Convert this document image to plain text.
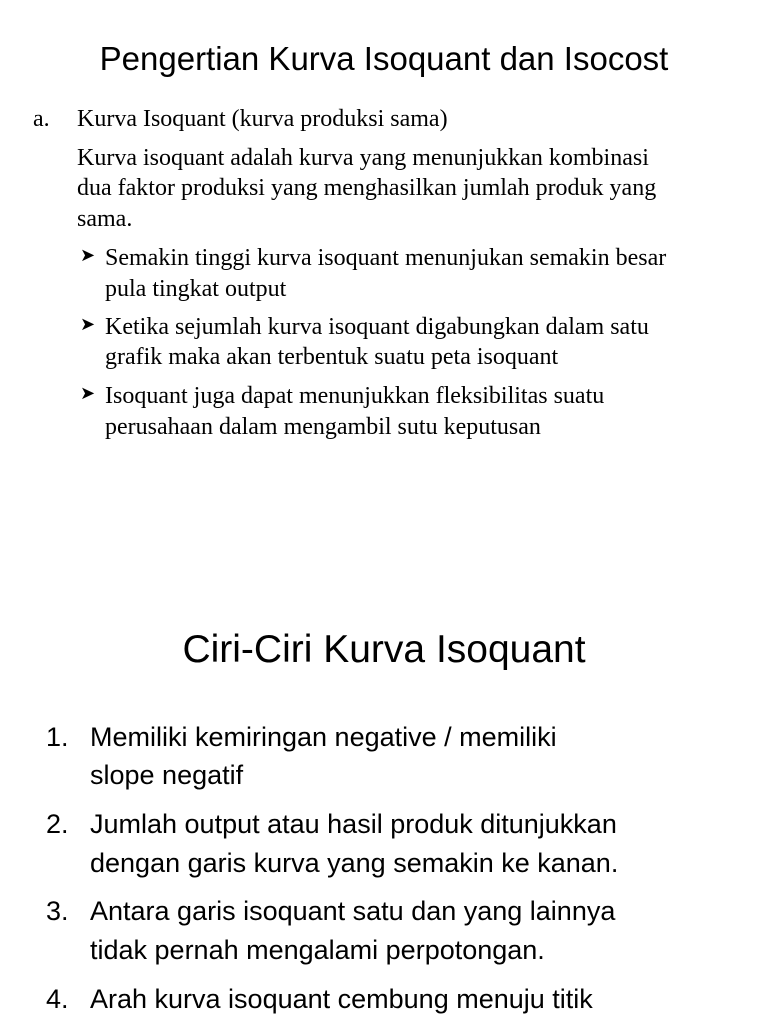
Pengertian Kurva Isoquant dan Isocost
a. Kurva Isoquant (kurva produksi sama)
Kurva isoquant adalah kurva yang menunjukkan kombinasi
dua faktor produksi yang menghasilkan jumlah produk yang
sama.
➤ Semakin tinggi kurva isoquant menunjukan semakin besar
pula tingkat output
➤ Ketika sejumlah kurva isoquant digabungkan dalam satu
grafik maka akan terbentuk suatu peta isoquant
➤ Isoquant juga dapat menunjukkan fleksibilitas suatu
perusahaan dalam mengambil sutu keputusan
Ciri-Ciri Kurva Isoquant
1. Memiliki kemiringan negative / memiliki
slope negatif
2. Jumlah output atau hasil produk ditunjukkan
dengan garis kurva yang semakin ke kanan.
3. Antara garis isoquant satu dan yang lainnya
tidak pernah mengalami perpotongan.
4. Arah kurva isoquant cembung menuju titik
